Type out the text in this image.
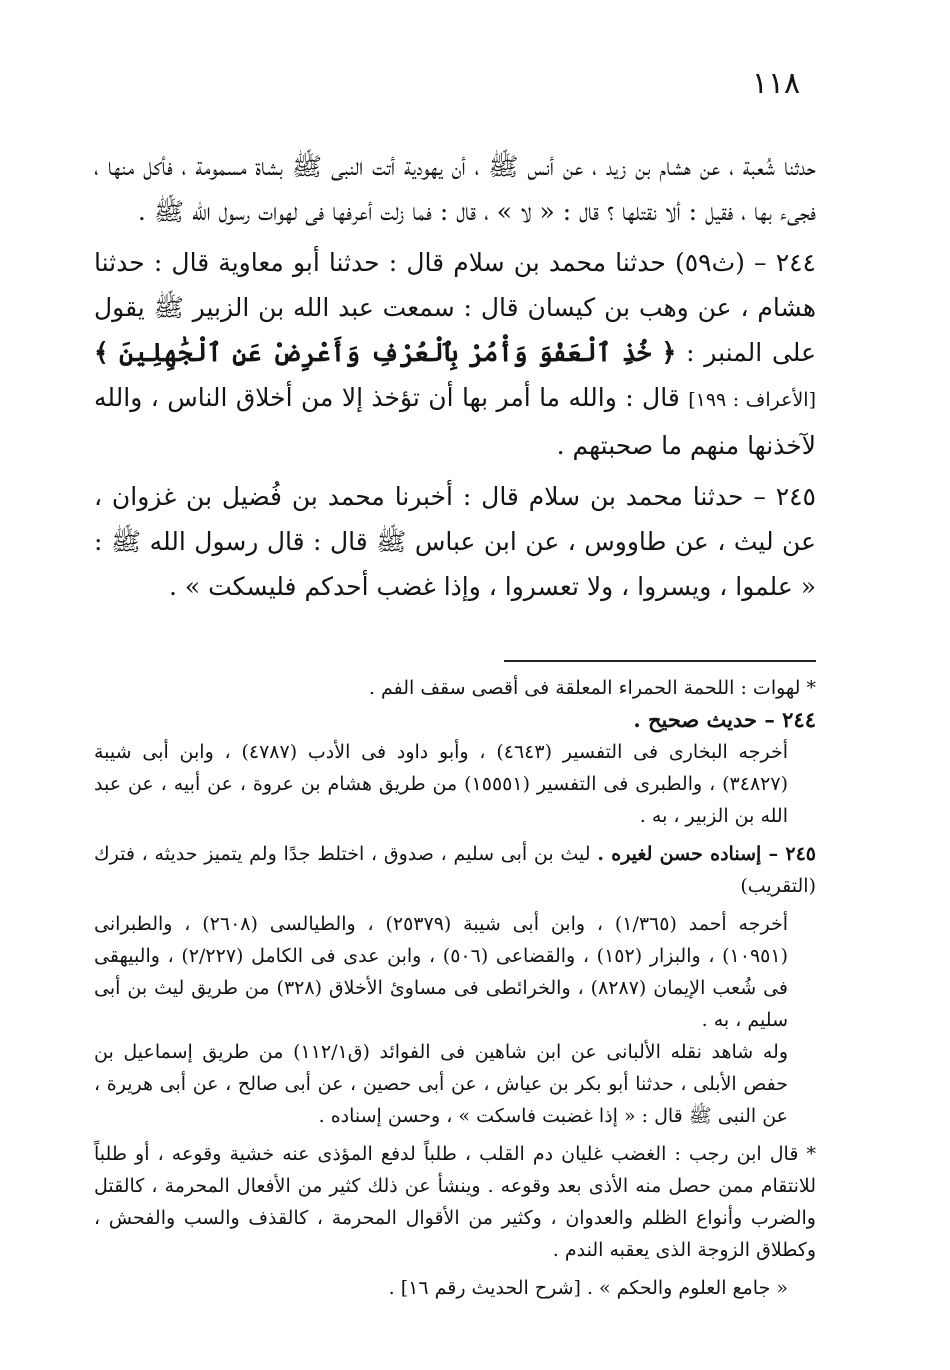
١١٨

حدثنا شُعبة ، عن هشام بن زيد ، عن أنس ﷺ ، أن يهودية أتت النبى ﷺ بشاة مسمومة ، فأكل منها ، فجىء بها ، فقيل : ألا نقتلها ؟ قال : « لا » ، قال : فما زلت أعرفها فى لهوات رسول الله ﷺ .

٢٤٤ – (ث٥٩) حدثنا محمد بن سلام قال : حدثنا أبو معاوية قال : حدثنا هشام ، عن وهب بن كيسان قال : سمعت عبد الله بن الزبير ﷺ يقول على المنبر : ﴿ خُذِ ٱلْعَفْوَ وَأْمُرْ بِٱلْعُرْفِ وَأَعْرِضْ عَنِ ٱلْجَٰهِلِينَ ﴾ [الأعراف : ١٩٩] قال : والله ما أمر بها أن تؤخذ إلا من أخلاق الناس ، والله لآخذنها منهم ما صحبتهم .

٢٤٥ – حدثنا محمد بن سلام قال : أخبرنا محمد بن فُضيل بن غزوان ، عن ليث ، عن طاووس ، عن ابن عباس ﷺ قال : قال رسول الله ﷺ : « علموا ، ويسروا ، ولا تعسروا ، وإذا غضب أحدكم فليسكت » .

* لهوات : اللحمة الحمراء المعلقة فى أقصى سقف الفم .

٢٤٤ – حديث صحيح .

أخرجه البخارى فى التفسير (٤٦٤٣) ، وأبو داود فى الأدب (٤٧٨٧) ، وابن أبى شيبة (٣٤٨٢٧) ، والطبرى فى التفسير (١٥٥٥١) من طريق هشام بن عروة ، عن أبيه ، عن عبد الله بن الزبير ، به .

٢٤٥ – إسناده حسن لغيره . ليث بن أبى سليم ، صدوق ، اختلط جدًا ولم يتميز حديثه ، فترك (التقريب)

أخرجه أحمد (١/٣٦٥) ، وابن أبى شيبة (٢٥٣٧٩) ، والطيالسى (٢٦٠٨) ، والطبرانى (١٠٩٥١) ، والبزار (١٥٢) ، والقضاعى (٥٠٦) ، وابن عدى فى الكامل (٢/٢٢٧) ، والبيهقى فى شُعب الإيمان (٨٢٨٧) ، والخرائطى فى مساوئ الأخلاق (٣٢٨) من طريق ليث بن أبى سليم ، به .

وله شاهد نقله الألبانى عن ابن شاهين فى الفوائد (ق١١٢/١) من طريق إسماعيل بن حفص الأبلى ، حدثنا أبو بكر بن عياش ، عن أبى حصين ، عن أبى صالح ، عن أبى هريرة ، عن النبى ﷺ قال : « إذا غضبت فاسكت » ، وحسن إسناده .

* قال ابن رجب : الغضب غليان دم القلب ، طلباً لدفع المؤذى عنه خشية وقوعه ، أو طلباً للانتقام ممن حصل منه الأذى بعد وقوعه . وينشأ عن ذلك كثير من الأفعال المحرمة ، كالقتل والضرب وأنواع الظلم والعدوان ، وكثير من الأقوال المحرمة ، كالقذف والسب والفحش ، وكطلاق الزوجة الذى يعقبه الندم .

« جامع العلوم والحكم » . [شرح الحديث رقم ١٦] .
